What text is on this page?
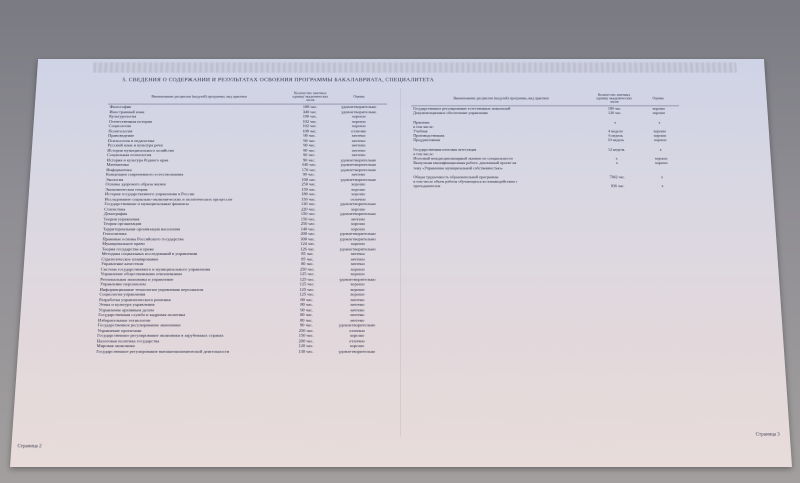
5. СВЕДЕНИЯ О СОДЕРЖАНИИ И РЕЗУЛЬТАТАХ ОСВОЕНИЯ ПРОГРАММЫ БАКАЛАВРИАТА, СПЕЦИАЛИТЕТА
Наименование дисциплин (модулей) программы, вид практики	Количество зачетных единиц/ академических часов	Оценка
Философия	108 час.	удовлетворительно
Иностранный язык	340 час.	удовлетворительно
Культурология	100 час.	хорошо
Отечественная история	102 час.	хорошо
Социология	102 час.	хорошо
Политология	108 час.	отлично
Правоведение	90 час.	зачтено
Психология и педагогика	90 час.	зачтено
Русский язык и культура речи	90 час.	зачтено
История муниципального хозяйства	90 час.	зачтено
Социальная психология	90 час.	зачтено
История и культура Родного края	90 час.	удовлетворительно
Математика	540 час.	удовлетворительно
Информатика	170 час.	удовлетворительно
Концепции современного естествознания	90 час.	зачтено
Экология	100 час.	удовлетворительно
Основы здорового образа жизни	250 час.	хорошо
Экономическая теория	150 час.	хорошо
История государственного управления в России	180 час.	хорошо
Исследование социально-экономических и политических процессов	150 час.	отлично
Государственные и муниципальные финансы	130 час.	удовлетворительно
Статистика	220 час.	хорошо
Демография	150 час.	удовлетворительно
Теория управления	150 час.	зачтено
Теория организации	250 час.	хорошо
Территориальная организация населения	140 час.	хорошо
Геополитика	200 час.	удовлетворительно
Правовые основы Российского государства	300 час.	удовлетворительно
Муниципальное право	124 час.	хорошо
Теория государства и права	126 час.	удовлетворительно
Методика социальных исследований в управлении	85 час.	зачтено
Стратегическое планирование	85 час.	зачтено
Управление качеством	80 час.	зачтено
Система государственного и муниципального управления	250 час.	хорошо
Управление общественными отношениями	125 час.	хорошо
Региональная экономика и управление	125 час.	удовлетворительно
Управление персоналом	125 час.	хорошо
Информационные технологии управления персоналом	125 час.	хорошо
Социология управления	125 час.	хорошо
Разработка управленческого решения	80 час.	зачтено
Этика и культура управления	80 час.	зачтено
Управление архивным делом	90 час.	зачтено
Государственная служба и кадровая политика	80 час.	зачтено
Избирательные технологии	80 час.	зачтено
Государственное регулирование экономики	90 час.	удовлетворительно
Управление проектами	250 час.	отлично
Государственное регулирование экономики в зарубежных странах	150 час.	хорошо
Налоговая политика государства	200 час.	отлично
Мировая экономика	120 час.	хорошо
Государственное регулирование внешнеэкономической деятельности	130 час.	удовлетворительно
Наименование дисциплин (модулей) программы, вид практики	Количество зачетных единиц/ академических часов	Оценка
Государственное регулирование естественных монополий	180 час.	хорошо
Документационное обеспечение управления	120 час.	хорошо

Практики	х	х
в том числе:		
Учебная	4 недели	хорошо
Производственная	6 недель	хорошо
Преддипломная	10 недель	хорошо

Государственная итоговая аттестация	12 недель	х
в том числе:		
Итоговый междисциплинарный экзамен по специальности	х	хорошо
Выпускная квалификационная работа: дипломный проект на	х	хорошо
тему «Управление муниципальной собственностью»		

Общая трудоемкость образовательной программы	7842 час.	х
в том числе объем работы обучающихся во взаимодействии с		
преподавателем	836 час.	х
Страница 2
Страница 3
